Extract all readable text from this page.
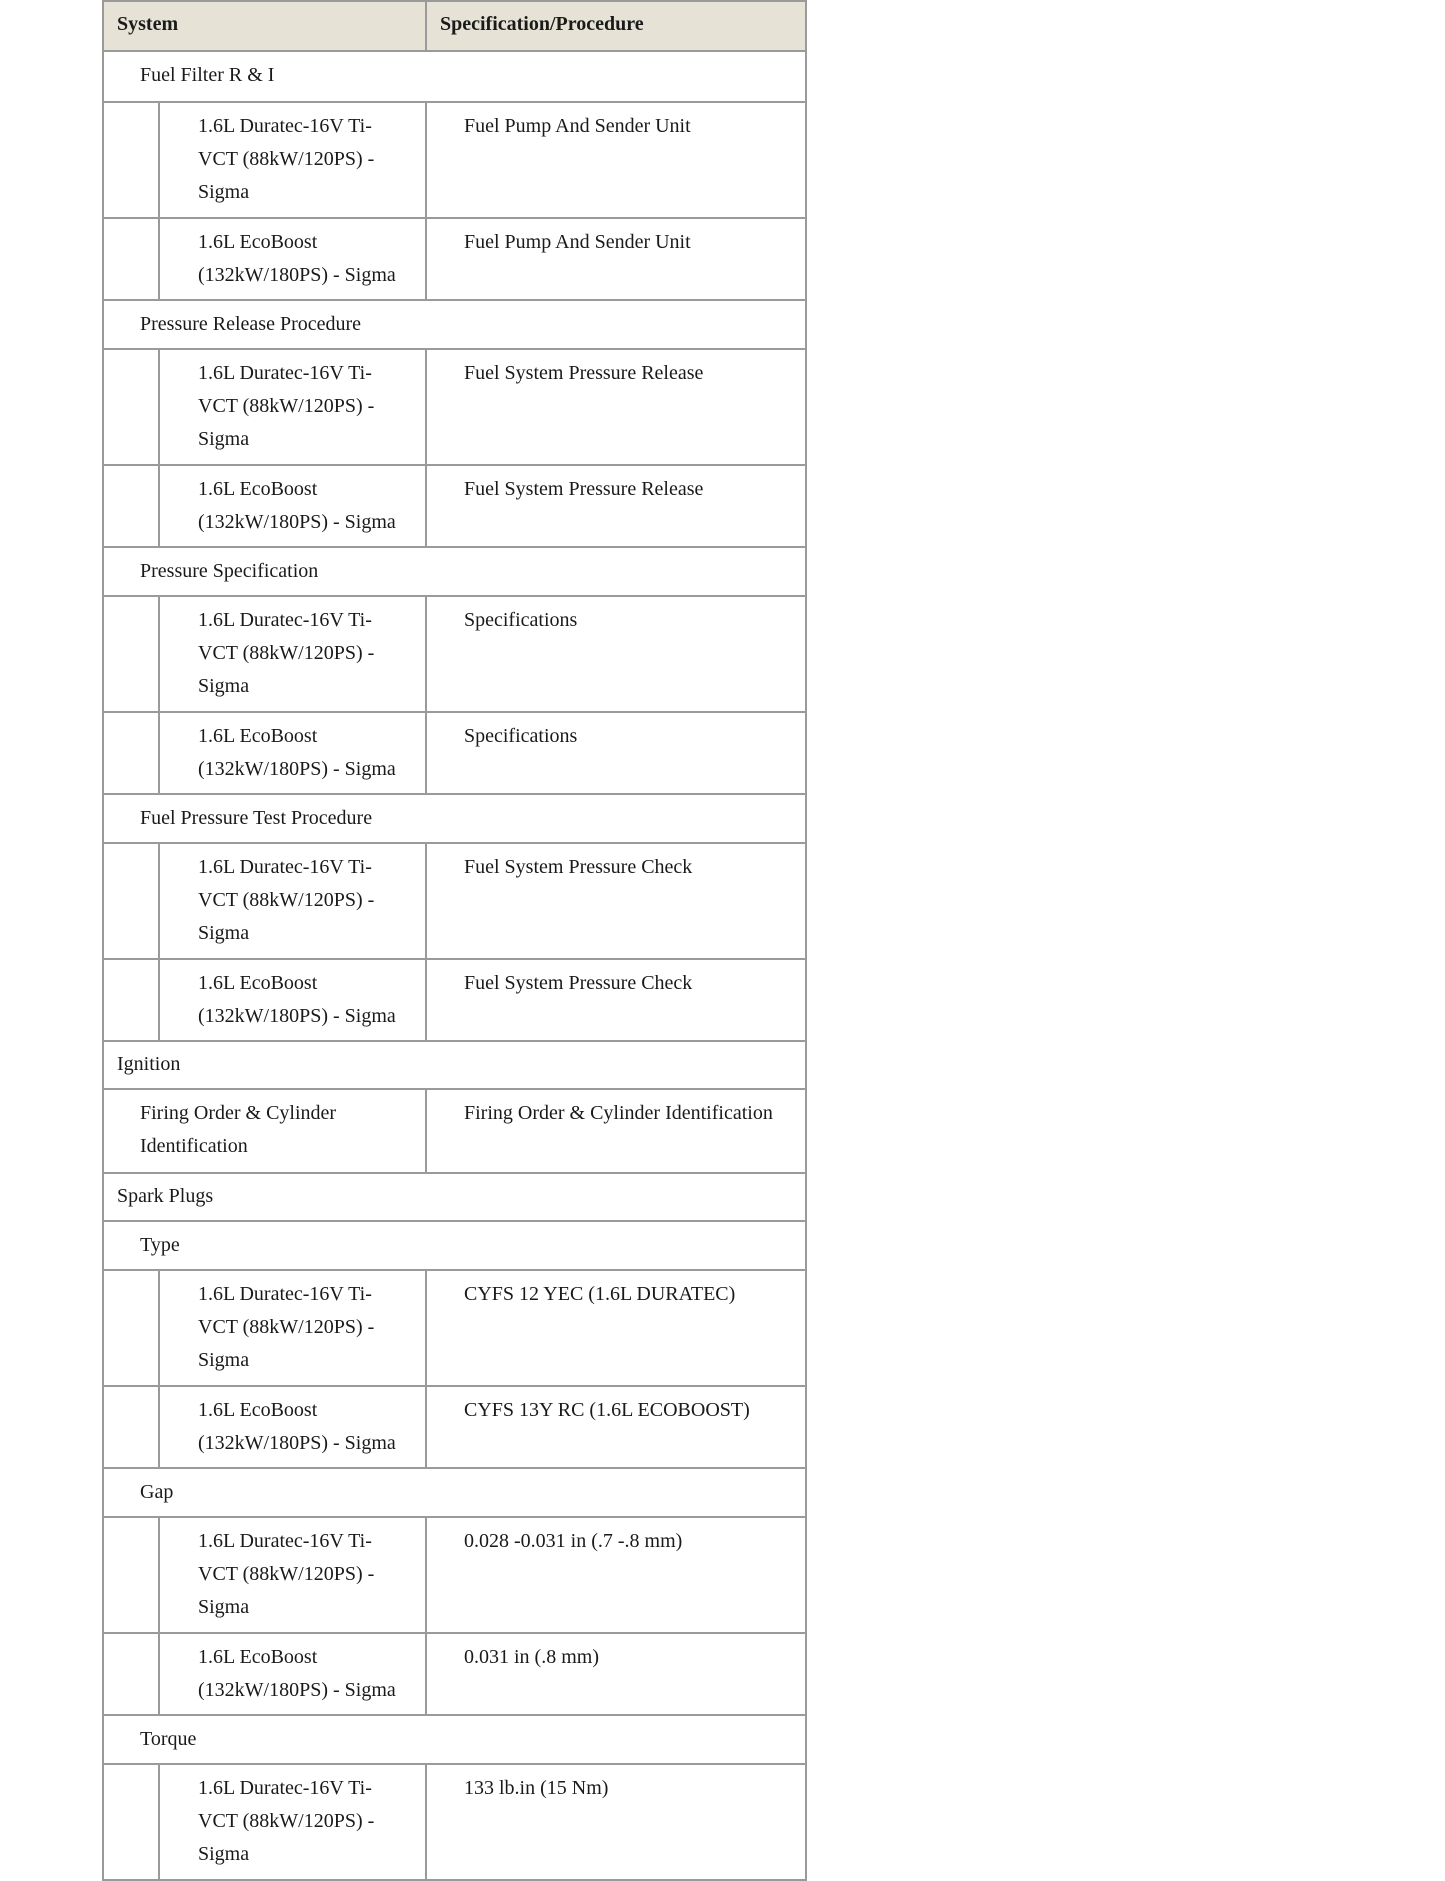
System	Specification/Procedure
Fuel Filter R & I
1.6L Duratec-16V Ti-VCT (88kW/120PS) - Sigma
Fuel Pump And Sender Unit
1.6L EcoBoost (132kW/180PS) - Sigma
Fuel Pump And Sender Unit
Pressure Release Procedure
1.6L Duratec-16V Ti-VCT (88kW/120PS) - Sigma
Fuel System Pressure Release
1.6L EcoBoost (132kW/180PS) - Sigma
Fuel System Pressure Release
Pressure Specification
1.6L Duratec-16V Ti-VCT (88kW/120PS) - Sigma
Specifications
1.6L EcoBoost (132kW/180PS) - Sigma
Specifications
Fuel Pressure Test Procedure
1.6L Duratec-16V Ti-VCT (88kW/120PS) - Sigma
Fuel System Pressure Check
1.6L EcoBoost (132kW/180PS) - Sigma
Fuel System Pressure Check
Ignition
Firing Order & Cylinder Identification
Firing Order & Cylinder Identification
Spark Plugs
Type
1.6L Duratec-16V Ti-VCT (88kW/120PS) - Sigma
CYFS 12 YEC (1.6L DURATEC)
1.6L EcoBoost (132kW/180PS) - Sigma
CYFS 13Y RC (1.6L ECOBOOST)
Gap
1.6L Duratec-16V Ti-VCT (88kW/120PS) - Sigma
0.028 -0.031 in (.7 -.8 mm)
1.6L EcoBoost (132kW/180PS) - Sigma
0.031 in (.8 mm)
Torque
1.6L Duratec-16V Ti-VCT (88kW/120PS) - Sigma
133 lb.in (15 Nm)
